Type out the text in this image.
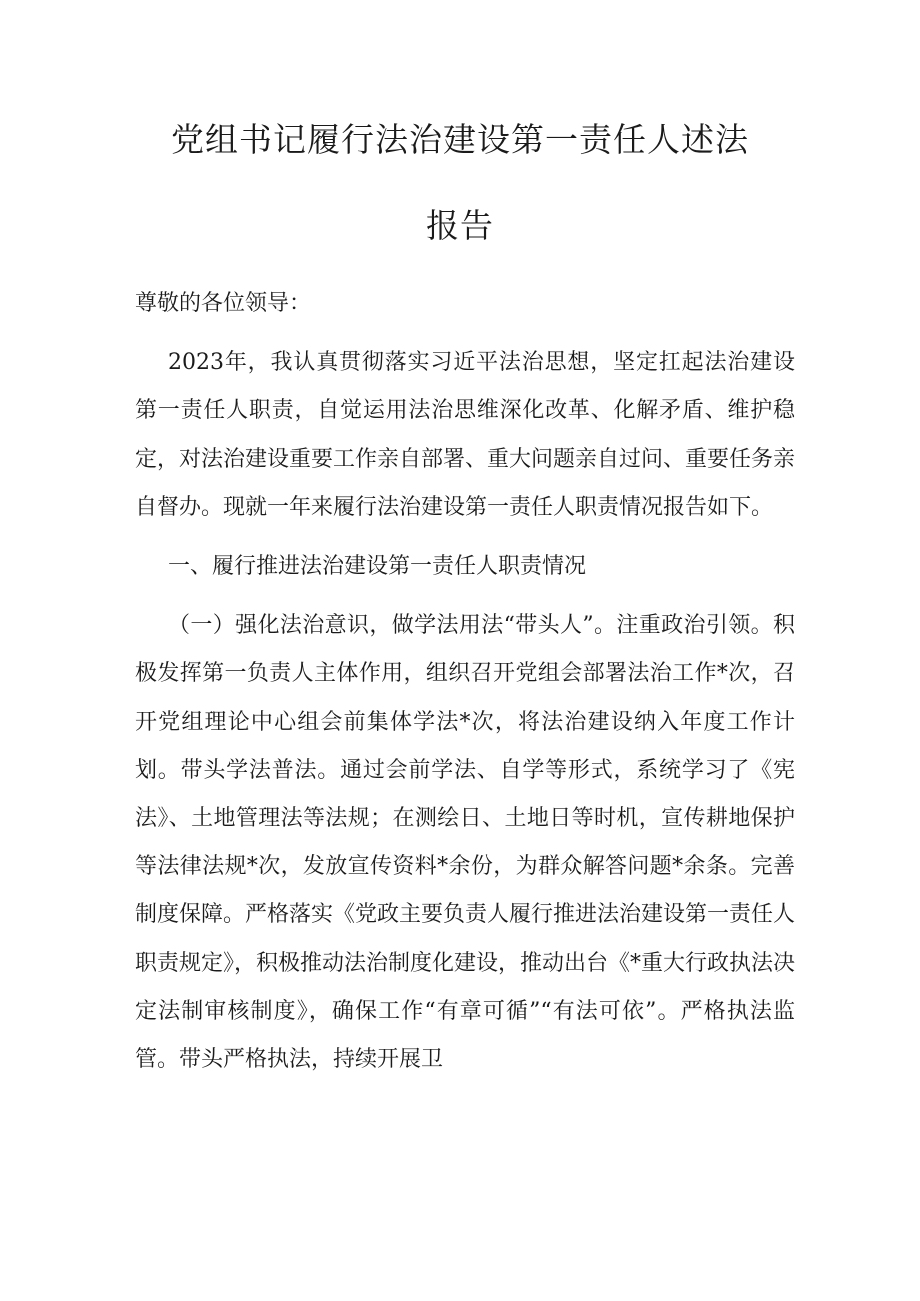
党组书记履行法治建设第一责任人述法
报告

尊敬的各位领导：

2023年，我认真贯彻落实习近平法治思想，坚定扛起法治建设第一责任人职责，自觉运用法治思维深化改革、化解矛盾、维护稳定，对法治建设重要工作亲自部署、重大问题亲自过问、重要任务亲自督办。现就一年来履行法治建设第一责任人职责情况报告如下。

一、履行推进法治建设第一责任人职责情况

（一）强化法治意识，做学法用法“带头人”。注重政治引领。积极发挥第一负责人主体作用，组织召开党组会部署法治工作*次，召开党组理论中心组会前集体学法*次，将法治建设纳入年度工作计划。带头学法普法。通过会前学法、自学等形式，系统学习了《宪法》、土地管理法等法规；在测绘日、土地日等时机，宣传耕地保护等法律法规*次，发放宣传资料*余份，为群众解答问题*余条。完善制度保障。严格落实《党政主要负责人履行推进法治建设第一责任人职责规定》，积极推动法治制度化建设，推动出台《*重大行政执法决定法制审核制度》，确保工作“有章可循”“有法可依”。严格执法监管。带头严格执法，持续开展卫
